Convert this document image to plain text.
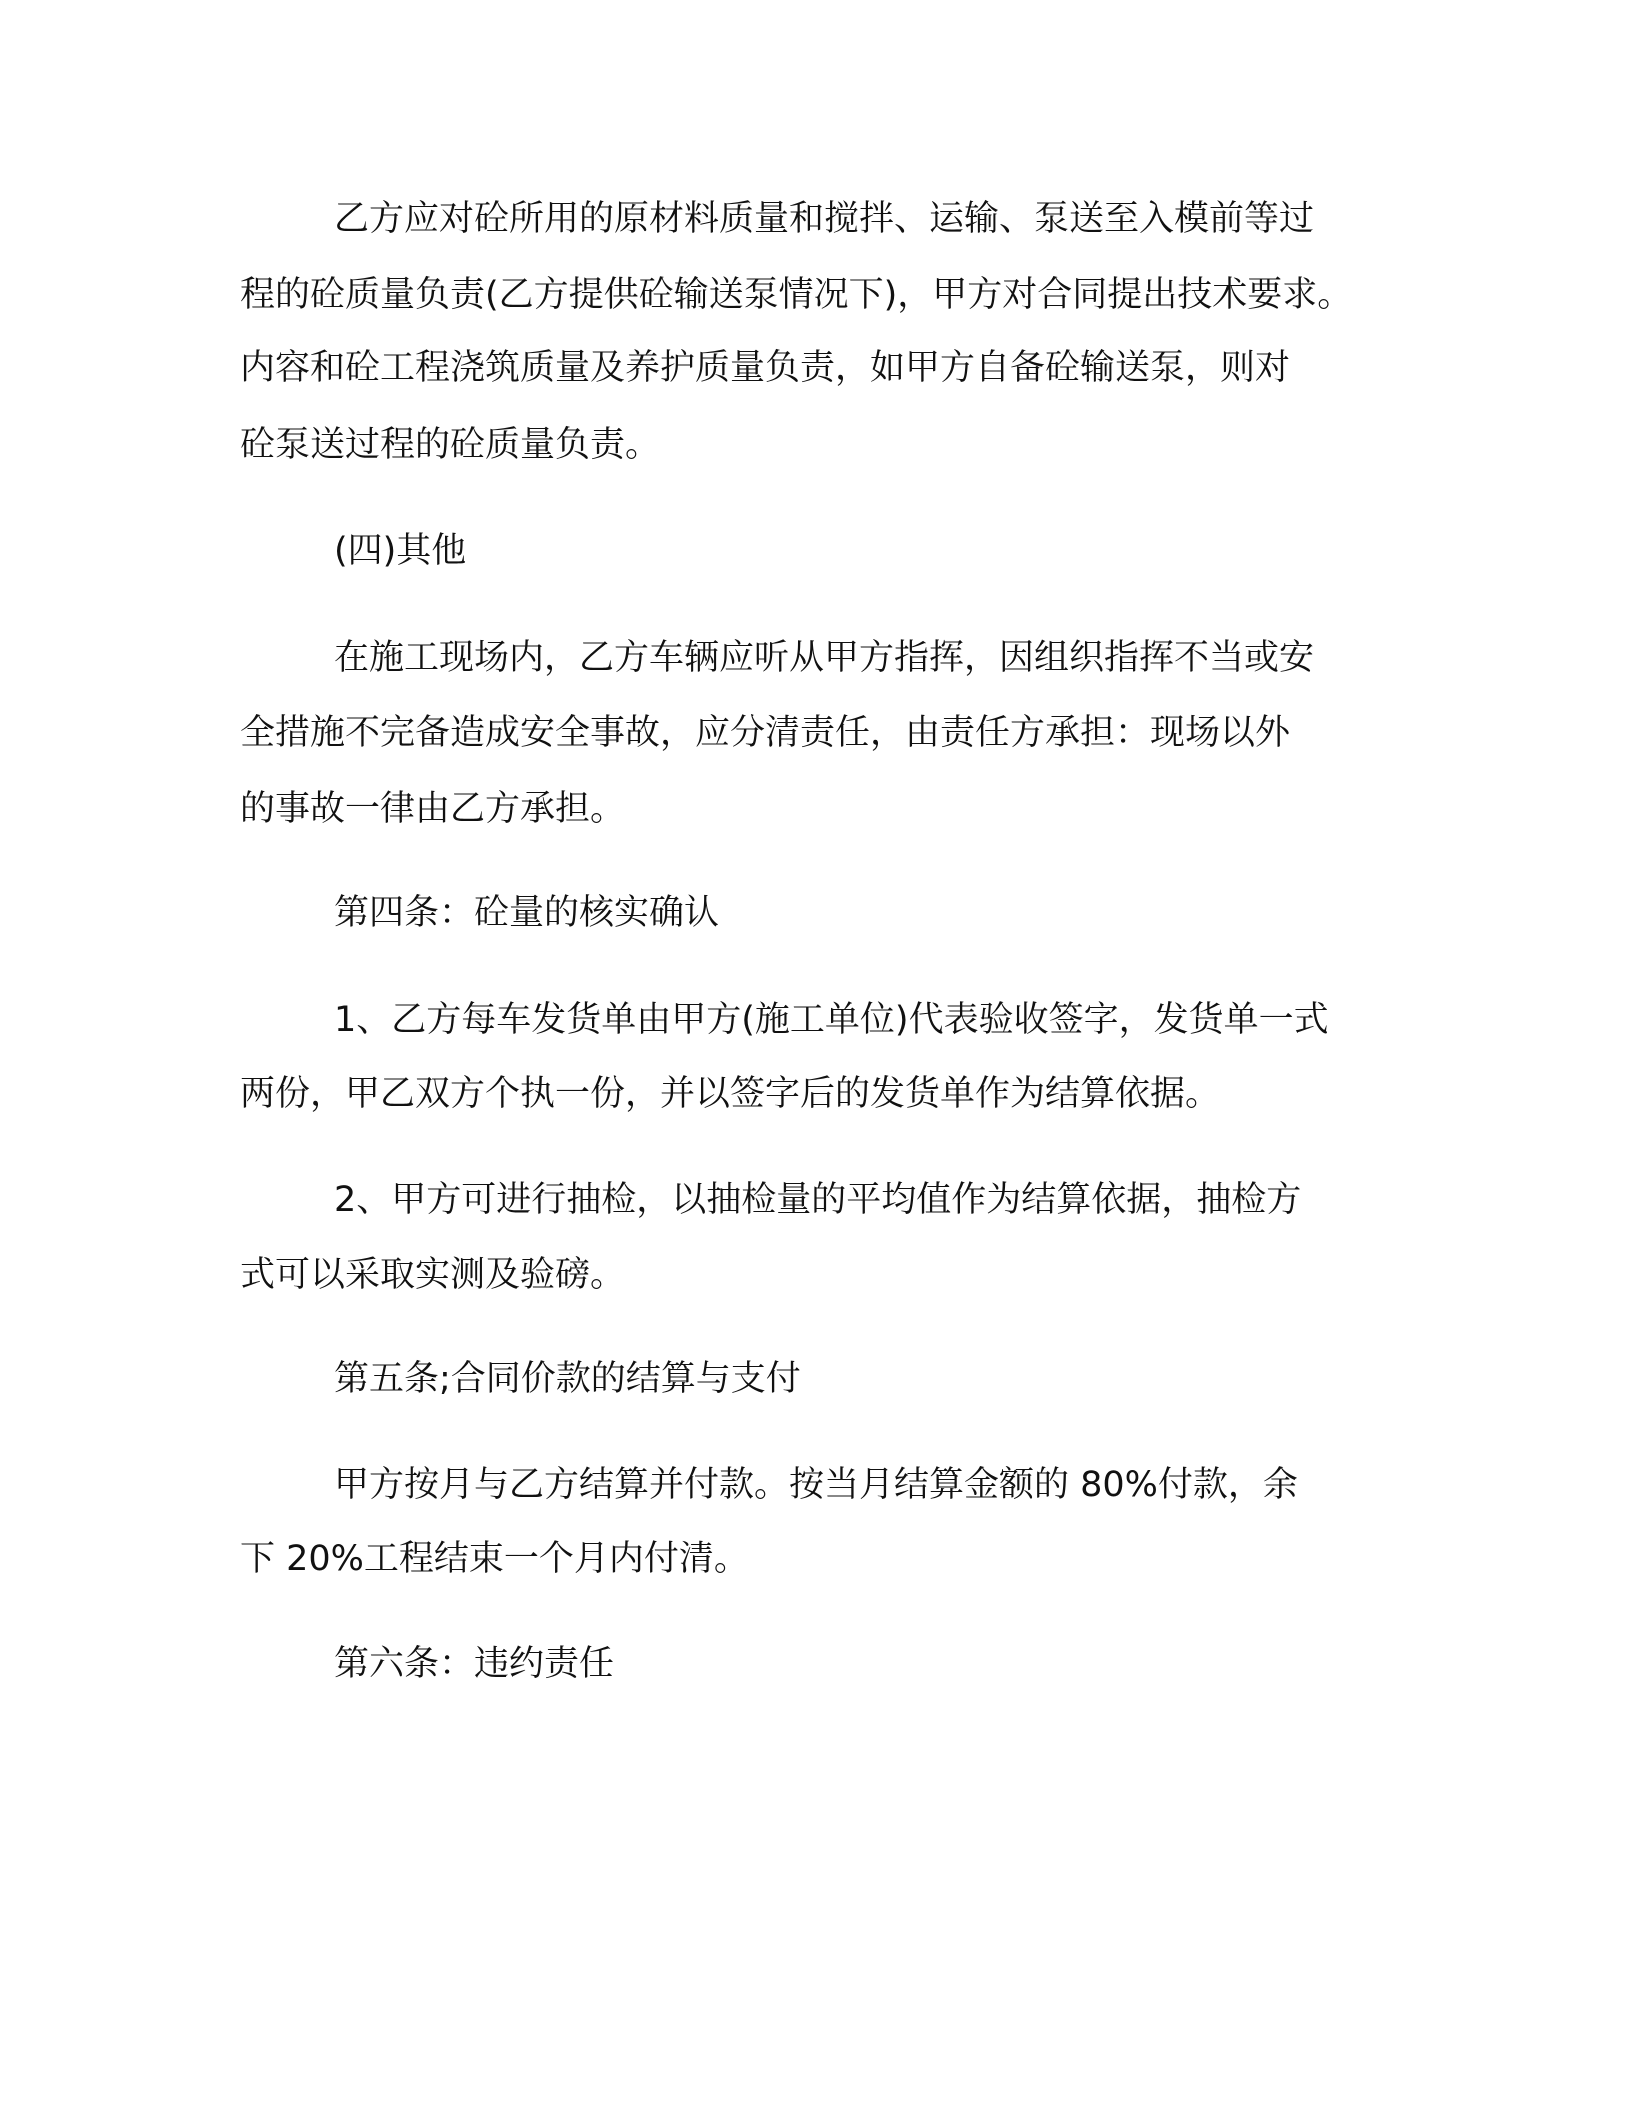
乙方应对砼所用的原材料质量和搅拌、运输、泵送至入模前等过
程的砼质量负责(乙方提供砼输送泵情况下)，甲方对合同提出技术要求。
内容和砼工程浇筑质量及养护质量负责，如甲方自备砼输送泵，则对
砼泵送过程的砼质量负责。
(四)其他
在施工现场内，乙方车辆应听从甲方指挥，因组织指挥不当或安
全措施不完备造成安全事故，应分清责任，由责任方承担：现场以外
的事故一律由乙方承担。
第四条：砼量的核实确认
1、乙方每车发货单由甲方(施工单位)代表验收签字，发货单一式
两份，甲乙双方个执一份，并以签字后的发货单作为结算依据。
2、甲方可进行抽检，以抽检量的平均值作为结算依据，抽检方
式可以采取实测及验磅。
第五条;合同价款的结算与支付
甲方按月与乙方结算并付款。按当月结算金额的 80%付款，余
下 20%工程结束一个月内付清。
第六条：违约责任
